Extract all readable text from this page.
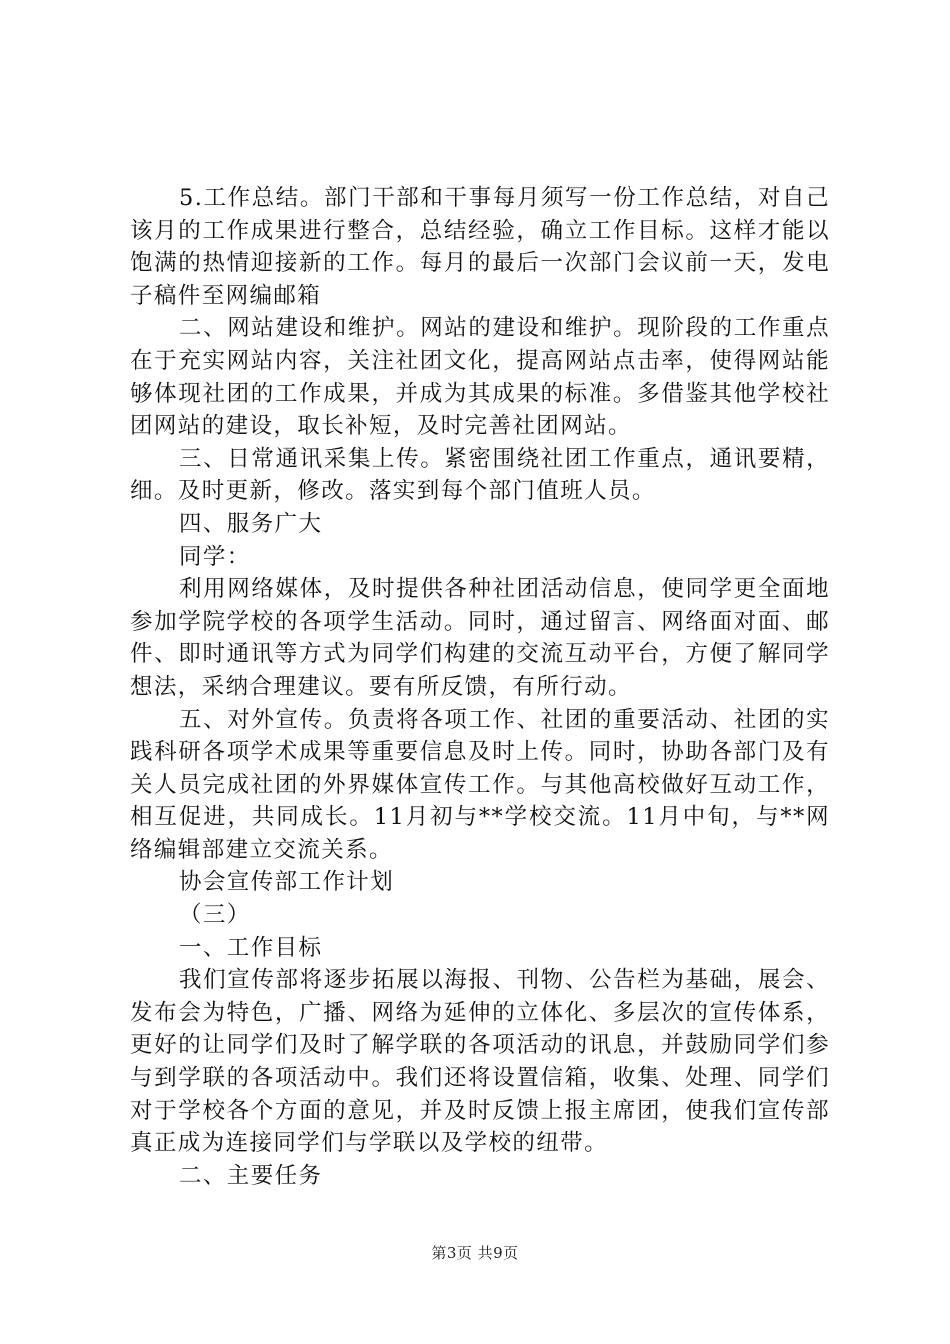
5.工作总结。部门干部和干事每月须写一份工作总结，对自己该月的工作成果进行整合，总结经验，确立工作目标。这样才能以饱满的热情迎接新的工作。每月的最后一次部门会议前一天，发电子稿件至网编邮箱

二、网站建设和维护。网站的建设和维护。现阶段的工作重点在于充实网站内容，关注社团文化，提高网站点击率，使得网站能够体现社团的工作成果，并成为其成果的标准。多借鉴其他学校社团网站的建设，取长补短，及时完善社团网站。

三、日常通讯采集上传。紧密围绕社团工作重点，通讯要精，细。及时更新，修改。落实到每个部门值班人员。

四、服务广大

同学：

利用网络媒体，及时提供各种社团活动信息，使同学更全面地参加学院学校的各项学生活动。同时，通过留言、网络面对面、邮件、即时通讯等方式为同学们构建的交流互动平台，方便了解同学想法，采纳合理建议。要有所反馈，有所行动。

五、对外宣传。负责将各项工作、社团的重要活动、社团的实践科研各项学术成果等重要信息及时上传。同时，协助各部门及有关人员完成社团的外界媒体宣传工作。与其他高校做好互动工作，相互促进，共同成长。11月初与**学校交流。11月中旬，与**网络编辑部建立交流关系。

协会宣传部工作计划

（三）

一、工作目标

我们宣传部将逐步拓展以海报、刊物、公告栏为基础，展会、发布会为特色，广播、网络为延伸的立体化、多层次的宣传体系，更好的让同学们及时了解学联的各项活动的讯息，并鼓励同学们参与到学联的各项活动中。我们还将设置信箱，收集、处理、同学们对于学校各个方面的意见，并及时反馈上报主席团，使我们宣传部真正成为连接同学们与学联以及学校的纽带。

二、主要任务

第3页 共9页
